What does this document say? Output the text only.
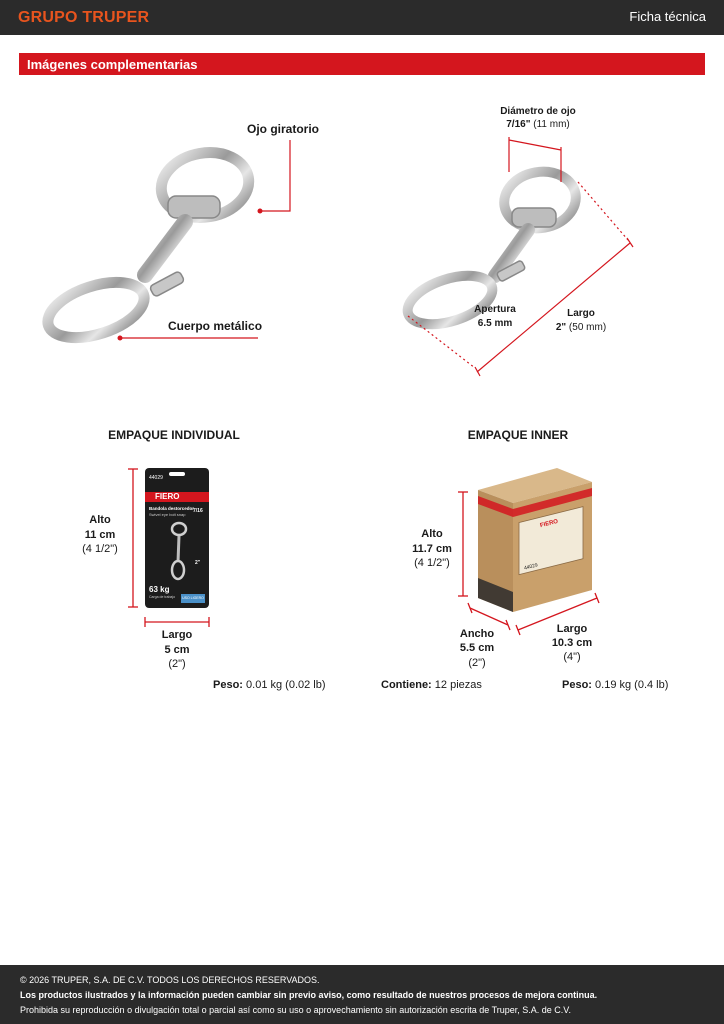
GRUPO TRUPER	Ficha técnica
Imágenes complementarias
Ojo giratorio
Cuerpo metálico
Diámetro de ojo
7/16" (11 mm)
Apertura
6.5 mm
Largo
2" (50 mm)
EMPAQUE INDIVIDUAL
44029
FIERO
Bandola destorcedor
Swivel eye bolt snap
7/16
2"
63 kg
Carga de trabajo	USO LIGERO
Alto
11 cm
(4 1/2")
Largo
5 cm
(2")
Peso: 0.01 kg (0.02 lb)
EMPAQUE INNER
FIERO
44029
Alto
11.7 cm
(4 1/2")
Ancho
5.5 cm
(2")
Largo
10.3 cm
(4")
Contiene: 12 piezas	Peso: 0.19 kg (0.4 lb)
© 2026 TRUPER, S.A. DE C.V. TODOS LOS DERECHOS RESERVADOS.
Los productos ilustrados y la información pueden cambiar sin previo aviso, como resultado de nuestros procesos de mejora continua.
Prohibida su reproducción o divulgación total o parcial así como su uso o aprovechamiento sin autorización escrita de Truper, S.A. de C.V.
